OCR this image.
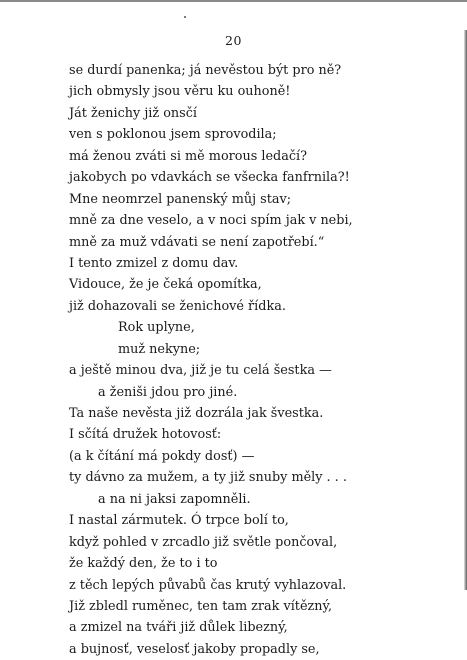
20
se durdí panenka; já nevěstou být pro ně?
jich obmysly jsou věru ku ouhoně!
Ját ženichy již onsčí
ven s poklonou jsem sprovodila;
má ženou zváti si mě morous ledačí?
jakobych po vdavkách se všecka fanfrnila?!
Mne neomrzel panenský můj stav;
mně za dne veselo, a v noci spím jak v nebi,
mně za muž vdávati se není zapotřebí.“
I tento zmizel z domu dav.
Vidouce, že je čeká opomítka,
již dohazovali se ženichové řídka.
Rok uplyne,
muž nekyne;
a ještě minou dva, již je tu celá šestka —
a ženiši jdou pro jiné.
Ta naše nevěsta již dozrála jak švestka.
I sčítá družek hotovosť:
(a k čítání má pokdy dosť) —
ty dávno za mužem, a ty již snuby měly . . .
a na ni jaksi zapomněli.
I nastal zármutek. Ó trpce bolí to,
když pohled v zrcadlo již světle pončoval,
že každý den, že to i to
z těch lepých půvabů čas krutý vyhlazoval.
Již zbledl ruměnec, ten tam zrak vítězný,
a zmizel na tváři již důlek libezný,
a bujnosť, veselosť jakoby propadly se,
